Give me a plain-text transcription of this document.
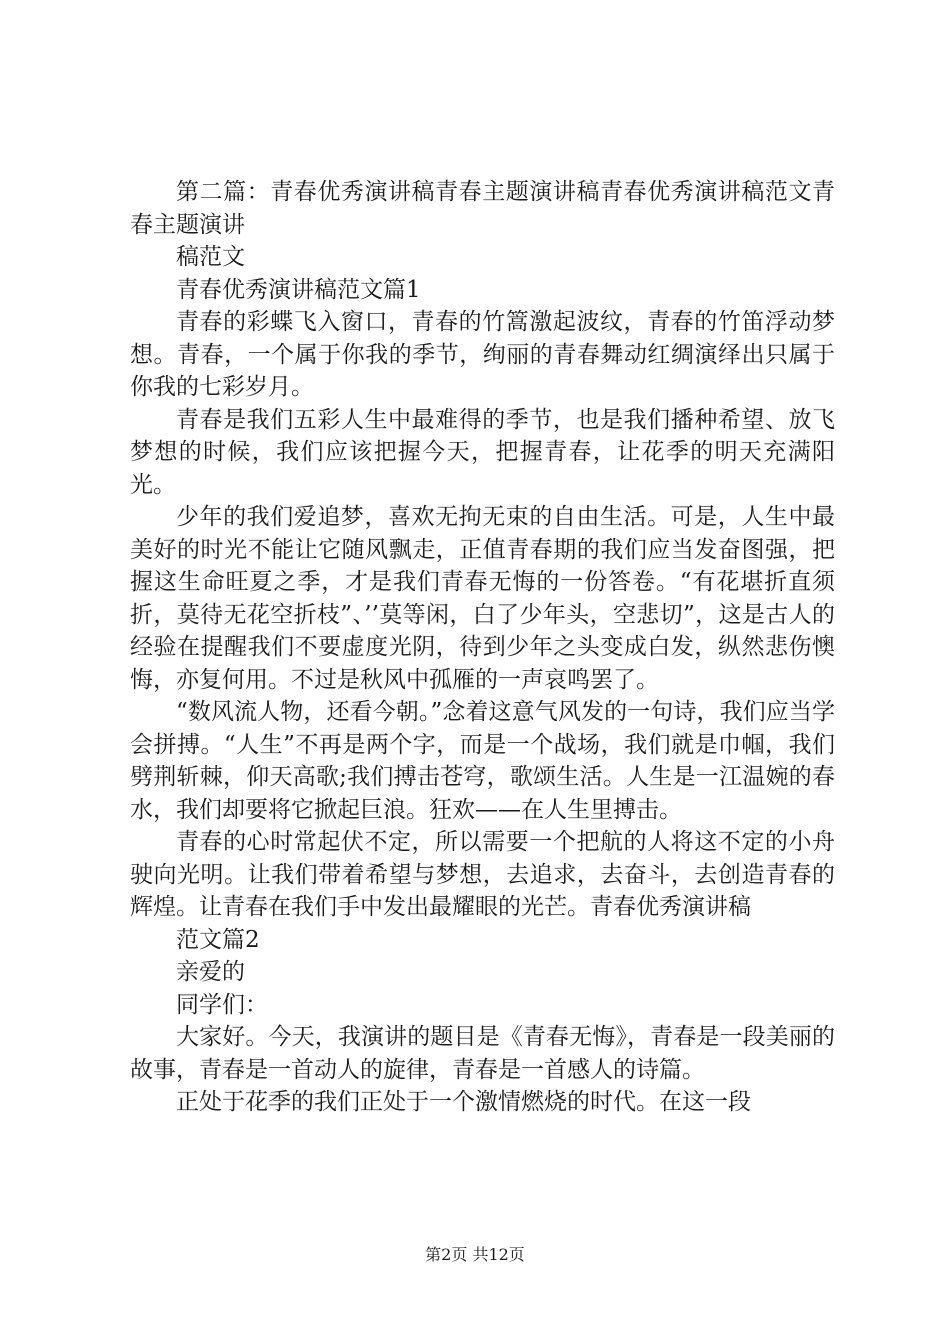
第二篇：青春优秀演讲稿青春主题演讲稿青春优秀演讲稿范文青春主题演讲

稿范文

青春优秀演讲稿范文篇1

青春的彩蝶飞入窗口，青春的竹篙激起波纹，青春的竹笛浮动梦想。青春，一个属于你我的季节，绚丽的青春舞动红绸演绎出只属于你我的七彩岁月。

青春是我们五彩人生中最难得的季节，也是我们播种希望、放飞梦想的时候，我们应该把握今天，把握青春，让花季的明天充满阳光。

少年的我们爱追梦，喜欢无拘无束的自由生活。可是，人生中最美好的时光不能让它随风飘走，正值青春期的我们应当发奋图强，把握这生命旺夏之季，才是我们青春无悔的一份答卷。“有花堪折直须折，莫待无花空折枝”、’’莫等闲，白了少年头，空悲切”，这是古人的经验在提醒我们不要虚度光阴，待到少年之头变成白发，纵然悲伤懊悔，亦复何用。不过是秋风中孤雁的一声哀鸣罢了。

“数风流人物，还看今朝。”念着这意气风发的一句诗，我们应当学会拼搏。“人生”不再是两个字，而是一个战场，我们就是巾帼，我们劈荆斩棘，仰天高歌;我们搏击苍穹，歌颂生活。人生是一江温婉的春水，我们却要将它掀起巨浪。狂欢——在人生里搏击。

青春的心时常起伏不定，所以需要一个把航的人将这不定的小舟驶向光明。让我们带着希望与梦想，去追求，去奋斗，去创造青春的辉煌。让青春在我们手中发出最耀眼的光芒。青春优秀演讲稿

范文篇2

亲爱的

同学们：

大家好。今天，我演讲的题目是《青春无悔》，青春是一段美丽的故事，青春是一首动人的旋律，青春是一首感人的诗篇。

正处于花季的我们正处于一个激情燃烧的时代。在这一段

第2页 共12页
